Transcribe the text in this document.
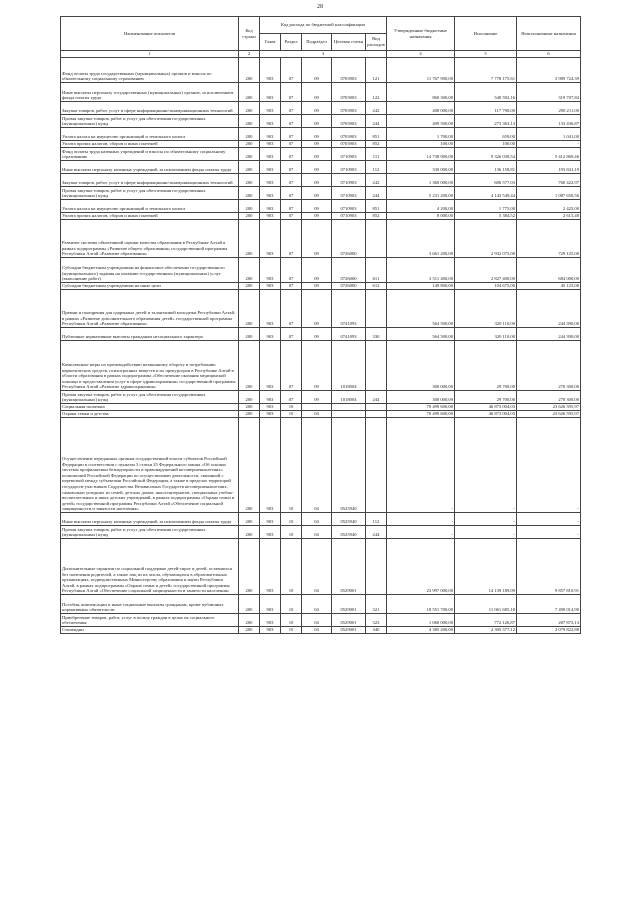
28
Наименование показателя	Код строки	Код расхода по бюджетной классификации					Утвержденные бюджетные назначения	Исполнение	Неисполненные назначения
		Глава	Раздел	Подраздел	Целевая статья	Вид расходов			
1	2	3					4	5	6
Фонд оплаты труда государственных (муниципальных) органов и взносы по обязательному социальному страхованию	200	903	07	09	0703903	121	11 767 900,00	7 778 175,61	3 989 724,39
Иные выплаты персоналу государственных (муниципальных) органов, за исключением фонда оплаты труда	200	903	07	09	0703903	122	860 300,00	540 592,16	319 707,84
Закупка товаров, работ, услуг в сфере информационно-коммуникационных технологий	200	903	07	09	0703903	242	408 000,00	117 790,00	290 211,00
Прочая закупка товаров, работ и услуг для обеспечения государственных (муниципальных) нужд	200	903	07	09	0703903	244	409 500,00	273 363,13	133 436,87
Уплата налога на имущество организаций и земельного налога	200	903	07	09	0703903	851	1 700,00	659,00	1 041,00
Уплата прочих налогов, сборов и иных платежей	200	903	07	09	0703903	852	100,00	100,00	-
Фонд оплаты труда казенных учреждений и взносы по обязательному социальному страхованию	200	903	07	09	0710903	111	14 738 900,00	9 326 030,54	5 412 869,46
Иные выплаты персоналу казенных учреждений, за исключением фонда оплаты труда	200	903	07	09	0710903	112	330 000,00	136 158,81	193 841,19
Закупка товаров, работ, услуг в сфере информационно-коммуникационных технологий	200	903	07	09	0710903	242	1 360 000,00	606 577,03	760 422,97
Прочая закупка товаров, работ и услуг для обеспечения государственных (муниципальных) нужд	200	903	07	09	0710903	244	5 231 200,00	4 143 549,44	1 087 650,56
Уплата налога на имущество организаций и земельного налога	200	903	07	09	0710903	851	4 200,00	1 775,00	2 425,00
Уплата прочих налогов, сборов и иных платежей	200	903	07	09	0710903	852	8 000,00	5 384,52	2 615,48
Развитие системы объективной оценки качества образования в Республике Алтай в рамках подпрограммы «Развитие общего образования» государственной программы Республики Алтай «Развитие образования»	200	903	07	09	0726000		3 661 200,00	2 932 075,00	729 125,00
Субсидии бюджетным учреждениям на финансовое обеспечение государственного (муниципального) задания на оказание государственных (муниципальных) услуг (выполнение работ)	200	903	07	09	0726000	611	3 511 400,00	2 827 400,00	684 000,00
Субсидии бюджетным учреждениям на иные цели	200	903	07	09	0726000	612	149 800,00	104 675,00	45 125,00
Премии и поощрения для одаренных детей и талантливой молодежи Республики Алтай, в рамках «Развитие дополнительного образования детей» государственной программы Республики Алтай «Развитие образования»	200	903	07	09	0741093		564 500,00	320 110,00	244 390,00
Публичные нормативные выплаты гражданам несоциального характера	200	903	07	09	0741093	330	564 500,00	320 110,00	244 390,00
Комплексные меры по противодействию незаконному обороту и потреблению наркотических средств, психотропных веществ и их прекурсоров в Республике Алтай в области образования в рамках подпрограммы «Обеспечение оказания медицинской помощи и предоставления услуг в сфере здравоохранения» государственной программы Республики Алтай «Развитие здравоохранения»	200	903	07	09	1018004		300 000,00	29 700,00	270 300,00
Прочая закупка товаров, работ и услуг для обеспечения государственных (муниципальных) нужд	200	903	07	09	1018004	244	300 000,00	29 700,00	270 300,00
Социальная политика	200	903	10				70 499 600,00	46 873 004,03	23 626 595,97
Охрана семьи и детства	200	903	10	04			70 499 600,00	46 873 004,03	23 626 595,97
Осуществление переданных органам государственной власти субъектов Российской Федерации в соответствии с пунктом 3 статьи 25 Федерального закона «Об основах системы профилактики безнадзорности и правонарушений несовершеннолетних» полномочий Российской Федерации по осуществлению деятельности, связанной с перевозкой между субъектами Российской Федерации, а также в пределах территорий государств-участников Содружества Независимых Государств несовершеннолетних, самовольно ушедших из семей, детских домов, школ-интернатов, специальных учебно-воспитательных и иных детских учреждений, в рамках подпрограммы «Охрана семьи и детей» государственной программы Республики Алтай «Обеспечение социальной защищенности и занятости населения»	200	903	10	04	0525940		-	-	-
Иные выплаты персоналу казенных учреждений, за исключением фонда оплаты труда	200	903	10	04	0525940	112	-	-	-
Прочая закупка товаров, работ и услуг для обеспечения государственных (муниципальных) нужд	200	903	10	04	0525940	244	-	-	-
Дополнительные гарантии по социальной поддержке детей-сирот и детей, оставшихся без попечения родителей, а также лиц из их числа, обучающихся в образовательных организациях, подведомственных Министерству образования и науки Республики Алтай, в рамках подпрограммы «Охрана семьи и детей» государственной программы Республики Алтай «Обеспечение социальной защищенности и занятости населения»	200	903	10	04	0529001		23 997 000,00	14 139 189,09	9 857 810,91
Пособия, компенсации и иные социальные выплаты гражданам, кроме публичных нормативных обязательств	200	903	10	04	0529001	321	18 551 700,00	11 061 685,10	7 490 014,90
Приобретение товаров, работ, услуг в пользу граждан в целях их социального обеспечения	200	903	10	04	0529001	323	1 060 000,00	772 126,87	287 873,13
Стипендии	200	903	10	04	0529001	340	4 385 200,00	2 305 377,12	2 079 822,88
